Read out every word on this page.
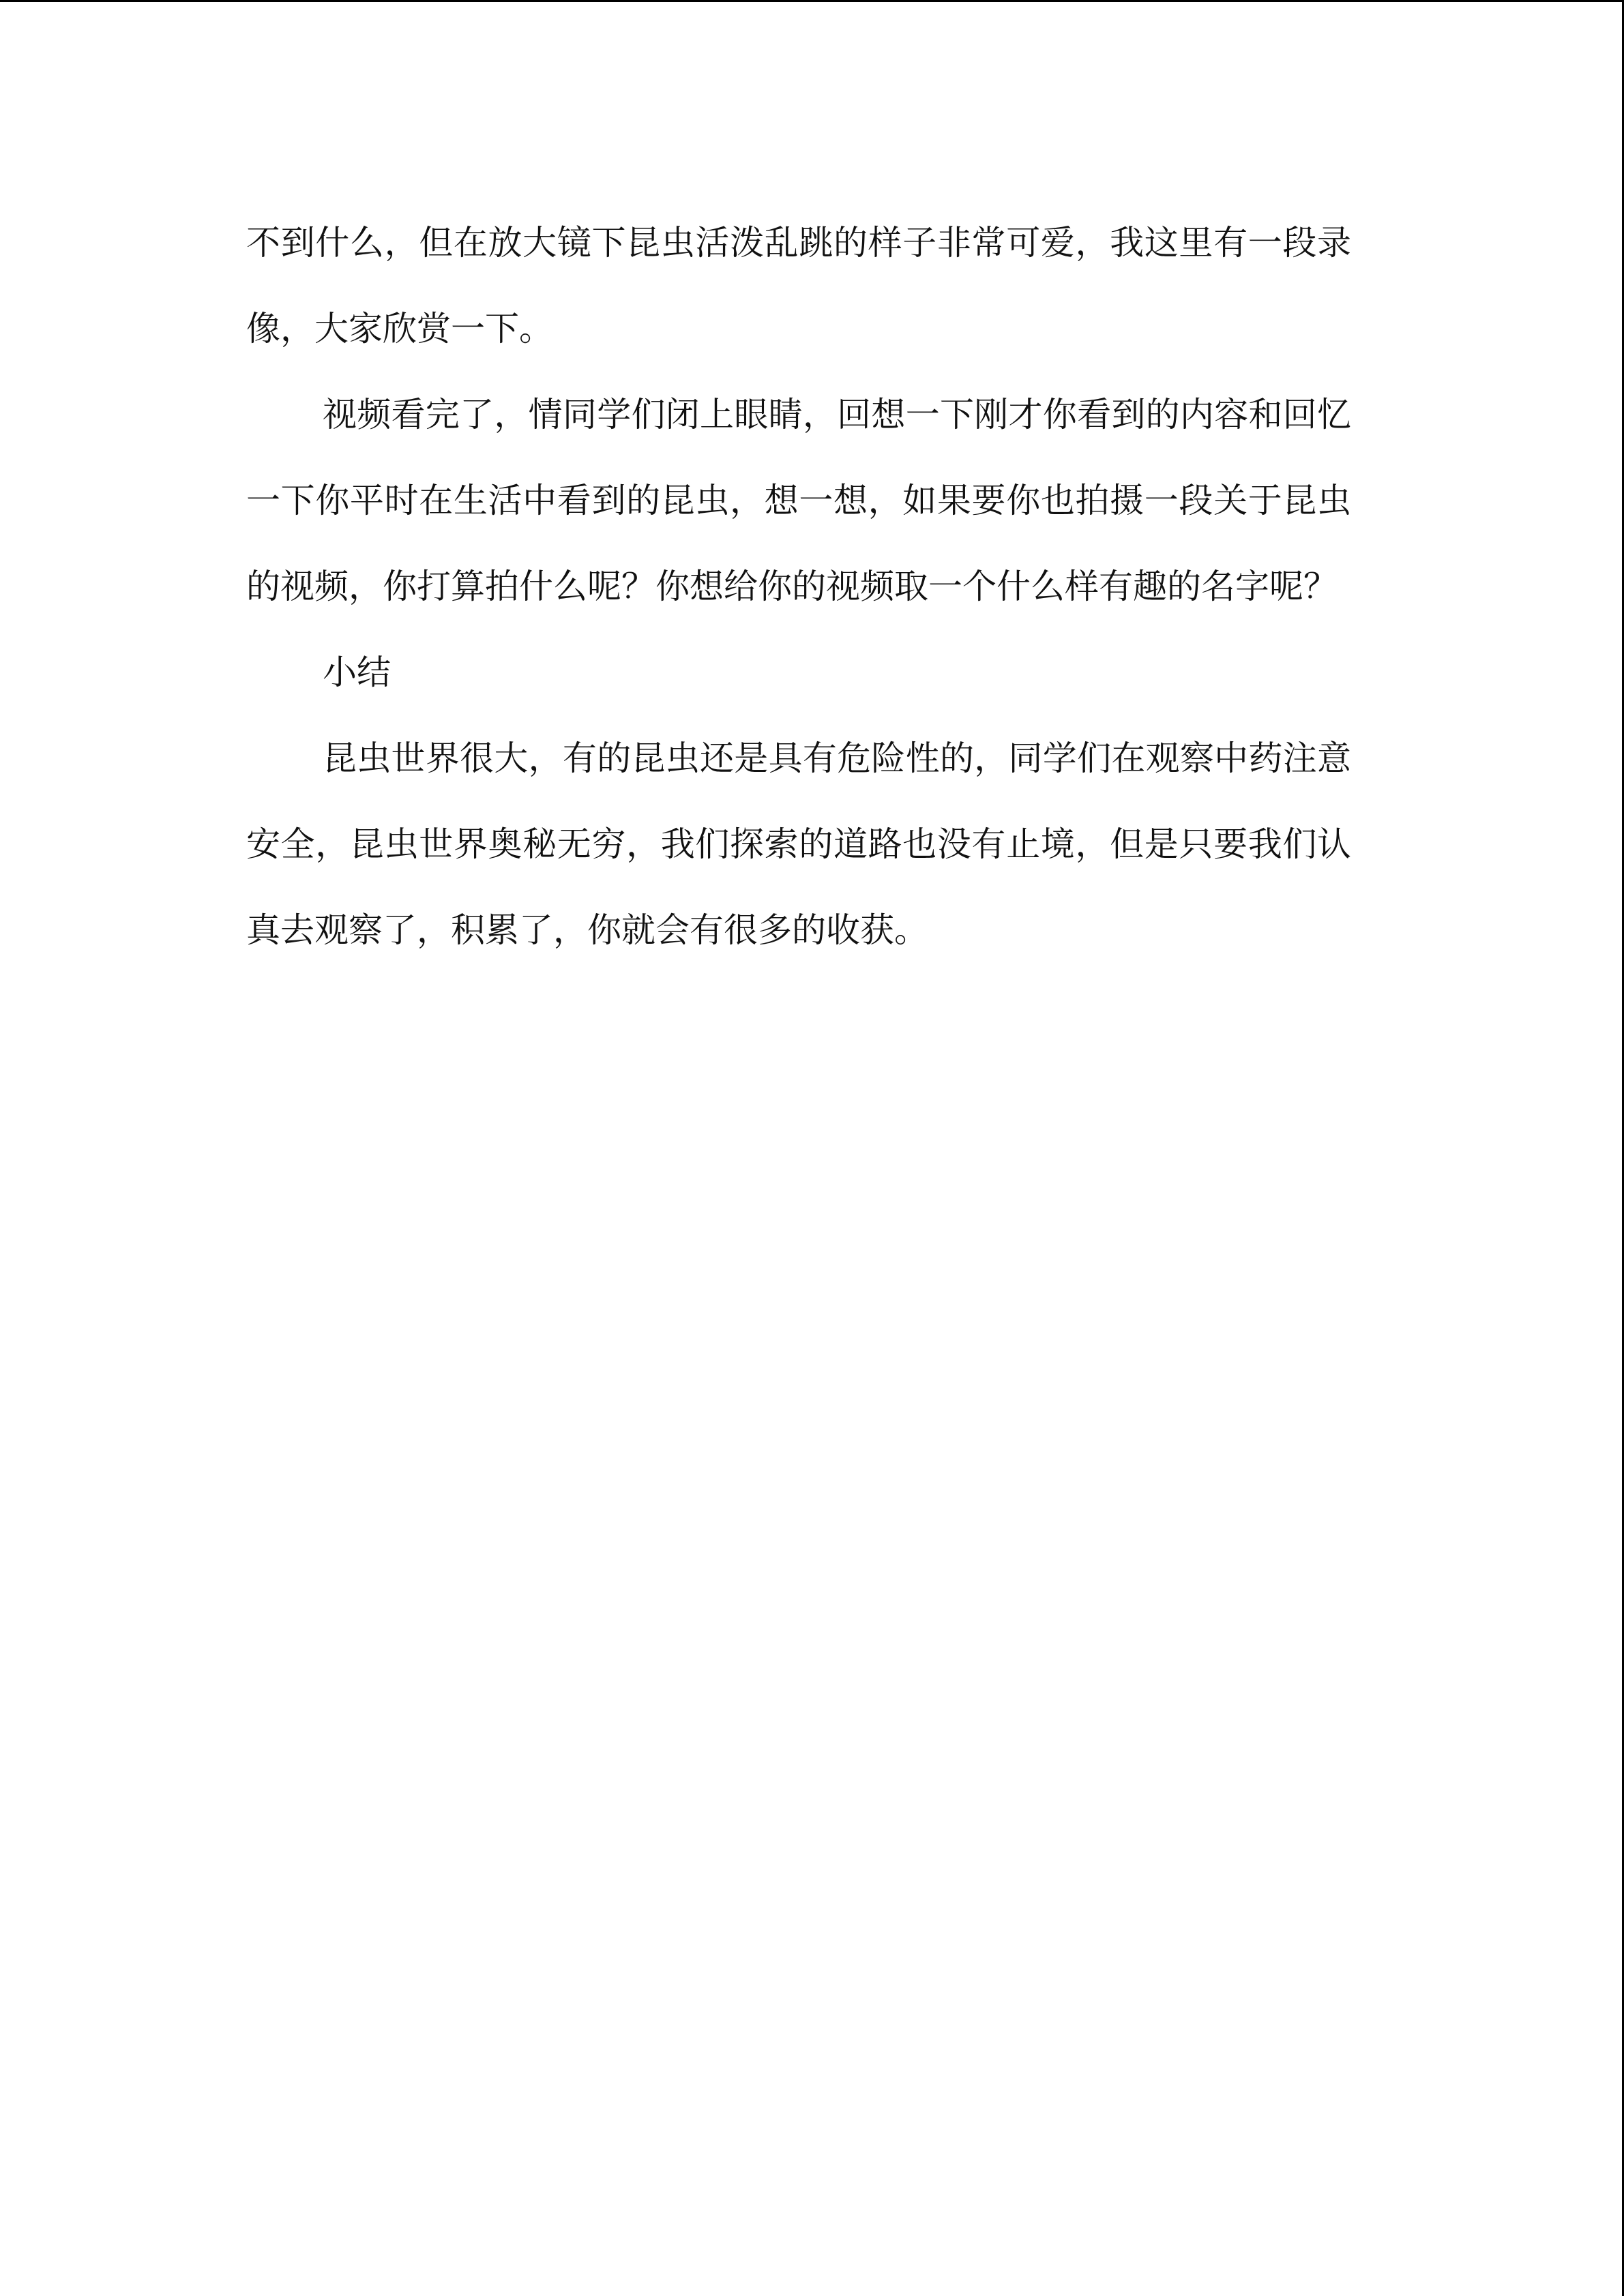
不到什么，但在放大镜下昆虫活泼乱跳的样子非常可爱，我这里有一段录像，大家欣赏一下。

视频看完了，情同学们闭上眼睛，回想一下刚才你看到的内容和回忆一下你平时在生活中看到的昆虫，想一想，如果要你也拍摄一段关于昆虫的视频，你打算拍什么呢？你想给你的视频取一个什么样有趣的名字呢？

小结

昆虫世界很大，有的昆虫还是具有危险性的，同学们在观察中药注意安全，昆虫世界奥秘无穷，我们探索的道路也没有止境，但是只要我们认真去观察了，积累了，你就会有很多的收获。
